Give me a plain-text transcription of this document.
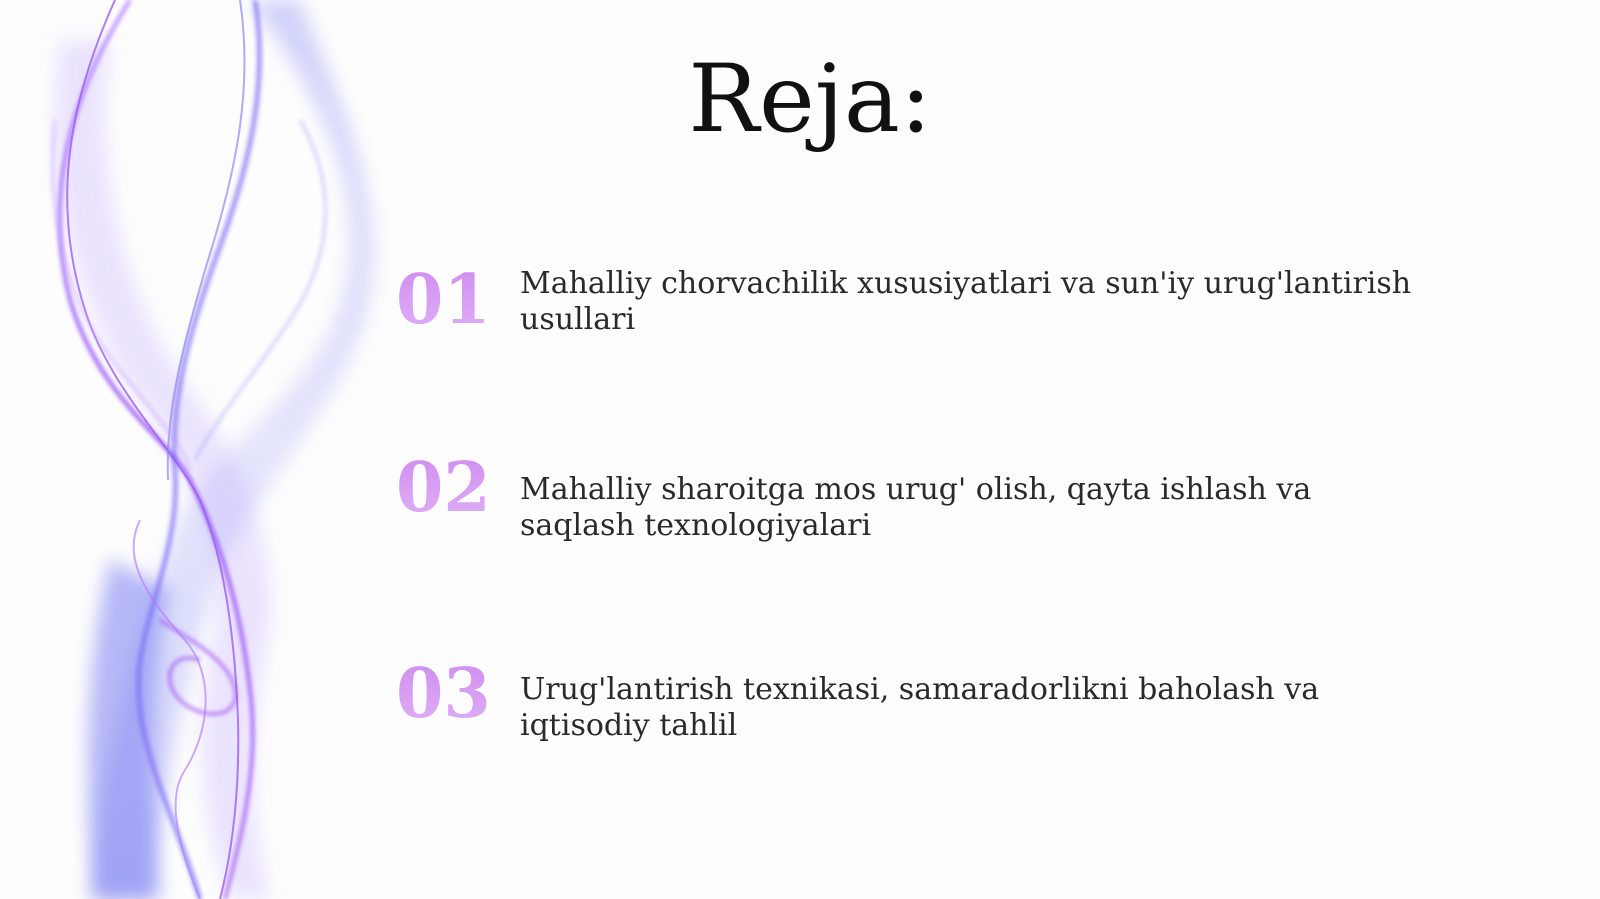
Reja:
01 Mahalliy chorvachilik xususiyatlari va sun'iy urug'lantirish usullari
02 Mahalliy sharoitga mos urug' olish, qayta ishlash va saqlash texnologiyalari
03 Urug'lantirish texnikasi, samaradorlikni baholash va iqtisodiy tahlil
